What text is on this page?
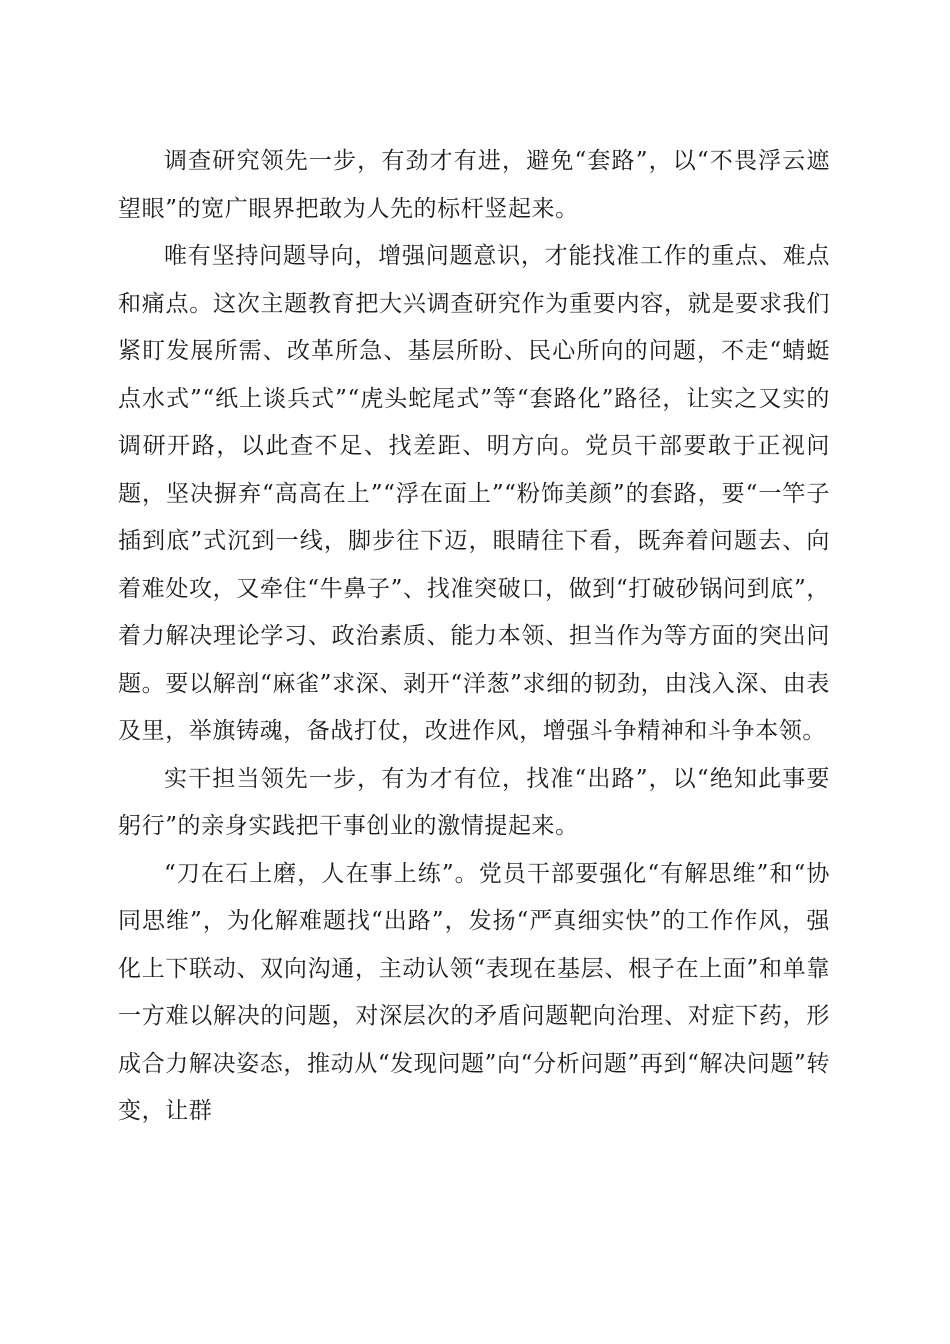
调查研究领先一步，有劲才有进，避免“套路”，以“不畏浮云遮望眼”的宽广眼界把敢为人先的标杆竖起来。

唯有坚持问题导向，增强问题意识，才能找准工作的重点、难点和痛点。这次主题教育把大兴调查研究作为重要内容，就是要求我们紧盯发展所需、改革所急、基层所盼、民心所向的问题，不走“蜻蜓点水式”“纸上谈兵式”“虎头蛇尾式”等“套路化”路径，让实之又实的调研开路，以此查不足、找差距、明方向。党员干部要敢于正视问题，坚决摒弃“高高在上”“浮在面上”“粉饰美颜”的套路，要“一竿子插到底”式沉到一线，脚步往下迈，眼睛往下看，既奔着问题去、向着难处攻，又牵住“牛鼻子”、找准突破口，做到“打破砂锅问到底”，着力解决理论学习、政治素质、能力本领、担当作为等方面的突出问题。要以解剖“麻雀”求深、剥开“洋葱”求细的韧劲，由浅入深、由表及里，举旗铸魂，备战打仗，改进作风，增强斗争精神和斗争本领。

实干担当领先一步，有为才有位，找准“出路”，以“绝知此事要躬行”的亲身实践把干事创业的激情提起来。

“刀在石上磨，人在事上练”。党员干部要强化“有解思维”和“协同思维”，为化解难题找“出路”，发扬“严真细实快”的工作作风，强化上下联动、双向沟通，主动认领“表现在基层、根子在上面”和单靠一方难以解决的问题，对深层次的矛盾问题靶向治理、对症下药，形成合力解决姿态，推动从“发现问题”向“分析问题”再到“解决问题”转变，让群
